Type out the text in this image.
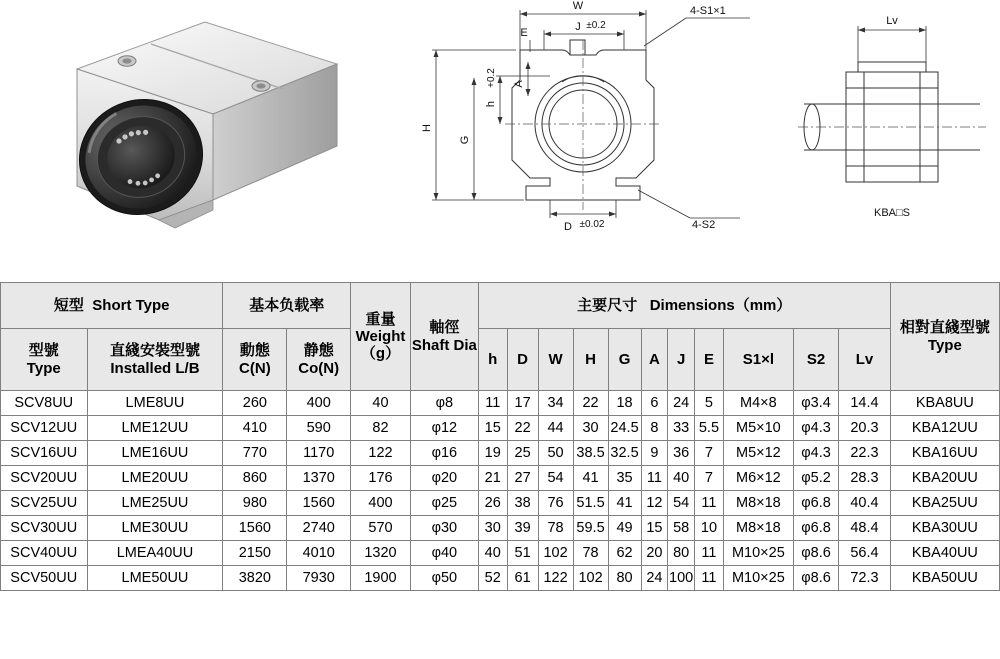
W
E	J ±0.2
4-S1×1
4-S2
H
G
h
+0.2 A
D ±0.02
Lv
KBA□S
短型 Short Type		基本负载率		重量
Weight
（g）	軸徑
Shaft Dia	主要尺寸 Dimensions（mm）											相對直綫型號
Type

型號
Type	直綫安裝型號
Installed L/B	動態
C(N)	静態
Co(N)			h	D	W	H	G	A	J	E	S1×l	S2	Lv	
SCV8UU	LME8UU	260	400	40	φ8	11	17	34	22	18	6	24	5	M4×8	φ3.4	14.4	KBA8UU
SCV12UU	LME12UU	410	590	82	φ12	15	22	44	30	24.5	8	33	5.5	M5×10	φ4.3	20.3	KBA12UU
SCV16UU	LME16UU	770	1170	122	φ16	19	25	50	38.5	32.5	9	36	7	M5×12	φ4.3	22.3	KBA16UU
SCV20UU	LME20UU	860	1370	176	φ20	21	27	54	41	35	11	40	7	M6×12	φ5.2	28.3	KBA20UU
SCV25UU	LME25UU	980	1560	400	φ25	26	38	76	51.5	41	12	54	11	M8×18	φ6.8	40.4	KBA25UU
SCV30UU	LME30UU	1560	2740	570	φ30	30	39	78	59.5	49	15	58	10	M8×18	φ6.8	48.4	KBA30UU
SCV40UU	LMEA40UU	2150	4010	1320	φ40	40	51	102	78	62	20	80	11	M10×25	φ8.6	56.4	KBA40UU
SCV50UU	LME50UU	3820	7930	1900	φ50	52	61	122	102	80	24	100	11	M10×25	φ8.6	72.3	KBA50UU
